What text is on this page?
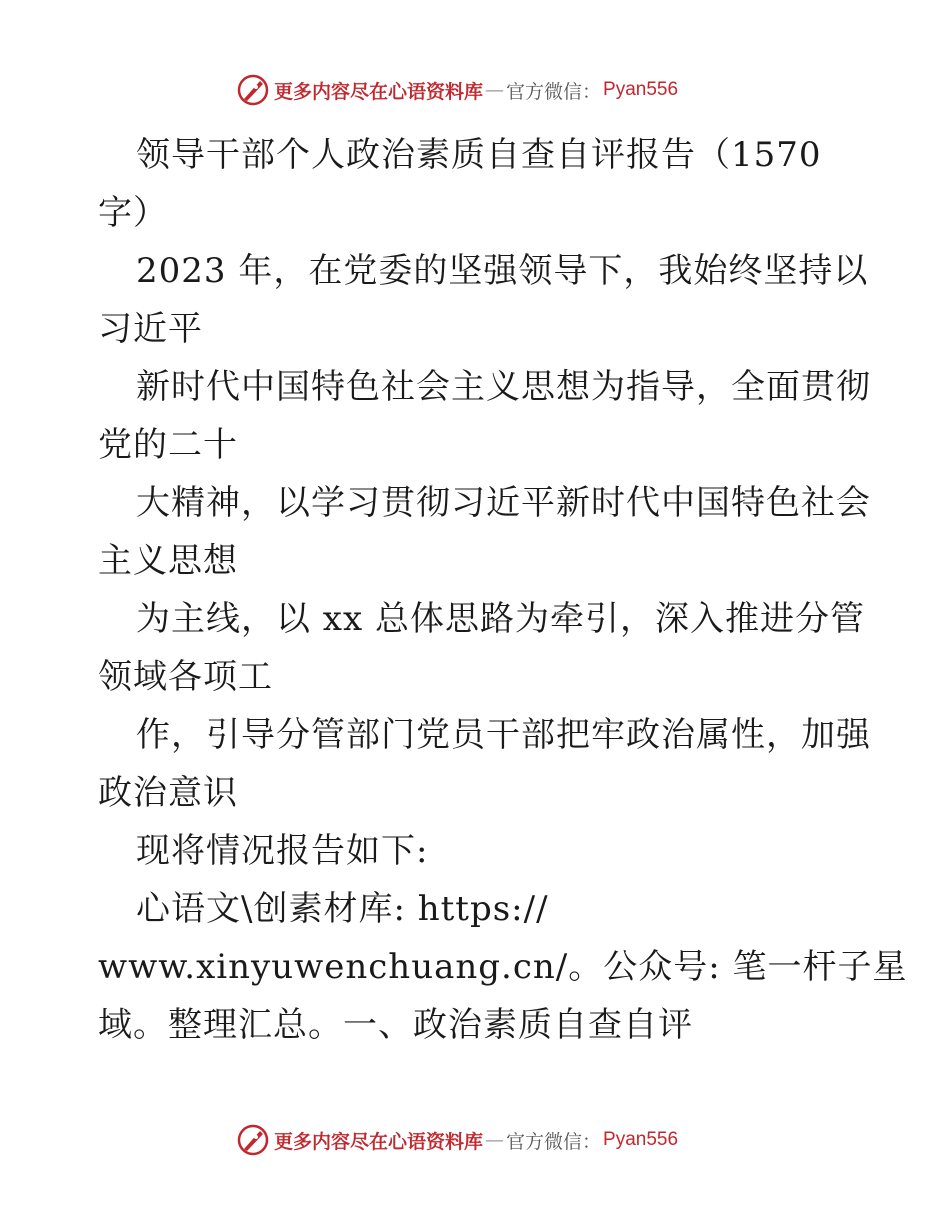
更多内容尽在心语资料库 — 官方微信： Pyan556
领导干部个人政治素质自查自评报告（1570
字）
2023 年，在党委的坚强领导下，我始终坚持以
习近平
新时代中国特色社会主义思想为指导，全面贯彻
党的二十
大精神，以学习贯彻习近平新时代中国特色社会
主义思想
为主线，以 xx 总体思路为牵引，深入推进分管
领域各项工
作，引导分管部门党员干部把牢政治属性，加强
政治意识
现将情况报告如下:
心语文\创素材库: https://
www.xinyuwenchuang.cn/。公众号: 笔一杆子星
域。整理汇总。一、政治素质自查自评
更多内容尽在心语资料库 — 官方微信： Pyan556
